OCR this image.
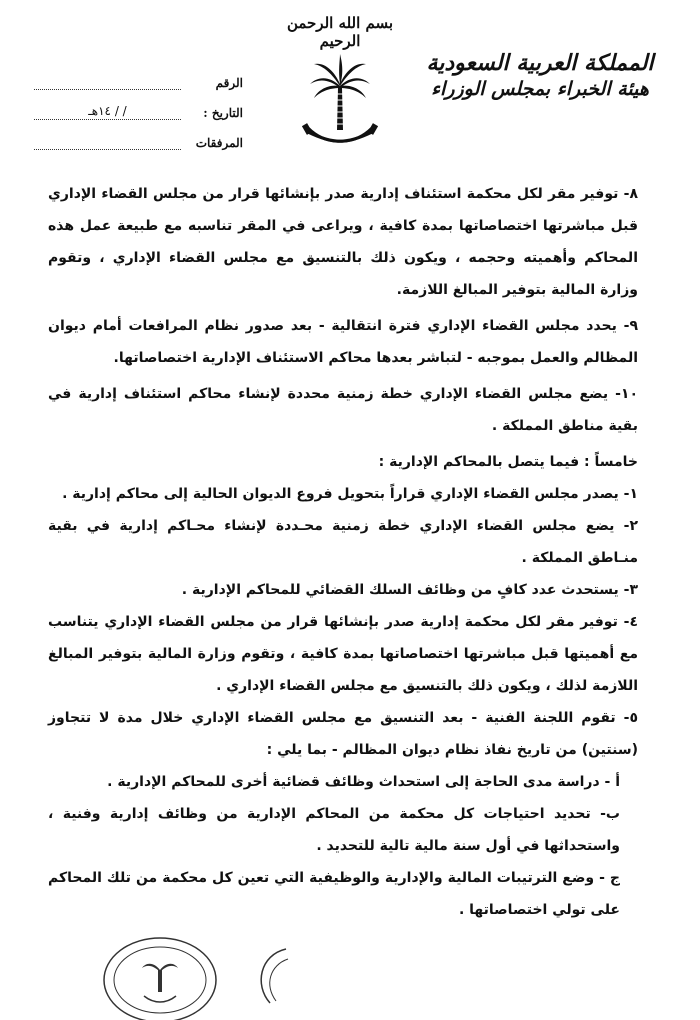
بسم الله الرحمن الرحيم
المملكة العربية السعودية
هيئة الخبراء بمجلس الوزراء
الرقم
التاريخ :
/ / ١٤هـ
المرفقات

٨- توفير مقر لكل محكمة استئناف إدارية صدر بإنشائها قرار من مجلس القضاء الإداري قبل مباشرتها اختصاصاتها بمدة كافية ، ويراعى في المقر تناسبه مع طبيعة عمل هذه المحاكم وأهميته وحجمه ، ويكون ذلك بالتنسيق مع مجلس القضاء الإداري ، وتقوم وزارة المالية بتوفير المبالغ اللازمة.

٩- يحدد مجلس القضاء الإداري فترة انتقالية - بعد صدور نظام المرافعات أمام ديوان المظالم والعمل بموجبه - لتباشر بعدها محاكم الاستئناف الإدارية اختصاصاتها.

١٠- يضع مجلس القضاء الإداري خطة زمنية محددة لإنشاء محاكم استئناف إدارية في بقية مناطق المملكة .

خامساً : فيما يتصل بالمحاكم الإدارية :

١- يصدر مجلس القضاء الإداري قراراً بتحويل فروع الديوان الحالية إلى محاكم إدارية .

٢- يضع مجلس القضاء الإداري خطة زمنية محـددة لإنشاء محـاكم إدارية في بقية منـاطق المملكة .

٣- يستحدث عدد كافٍ من وظائف السلك القضائي للمحاكم الإدارية .

٤- توفير مقر لكل محكمة إدارية صدر بإنشائها قرار من مجلس القضاء الإداري يتناسب مع أهميتها قبل مباشرتها اختصاصاتها بمدة كافية ، وتقوم وزارة المالية بتوفير المبالغ اللازمة لذلك ، ويكون ذلك بالتنسيق مع مجلس القضاء الإداري .

٥- تقوم اللجنة الفنية - بعد التنسيق مع مجلس القضاء الإداري خلال مدة لا تتجاوز (سنتين) من تاريخ نفاذ نظام ديوان المظالم - بما يلي :

أ - دراسة مدى الحاجة إلى استحداث وظائف قضائية أخرى للمحاكم الإدارية .

ب- تحديد احتياجات كل محكمة من المحاكم الإدارية من وظائف إدارية وفنية ، واستحداثها في أول سنة مالية تالية للتحديد .

ج - وضع الترتيبات المالية والإدارية والوظيفية التي تعين كل محكمة من تلك المحاكم على تولي اختصاصاتها .
